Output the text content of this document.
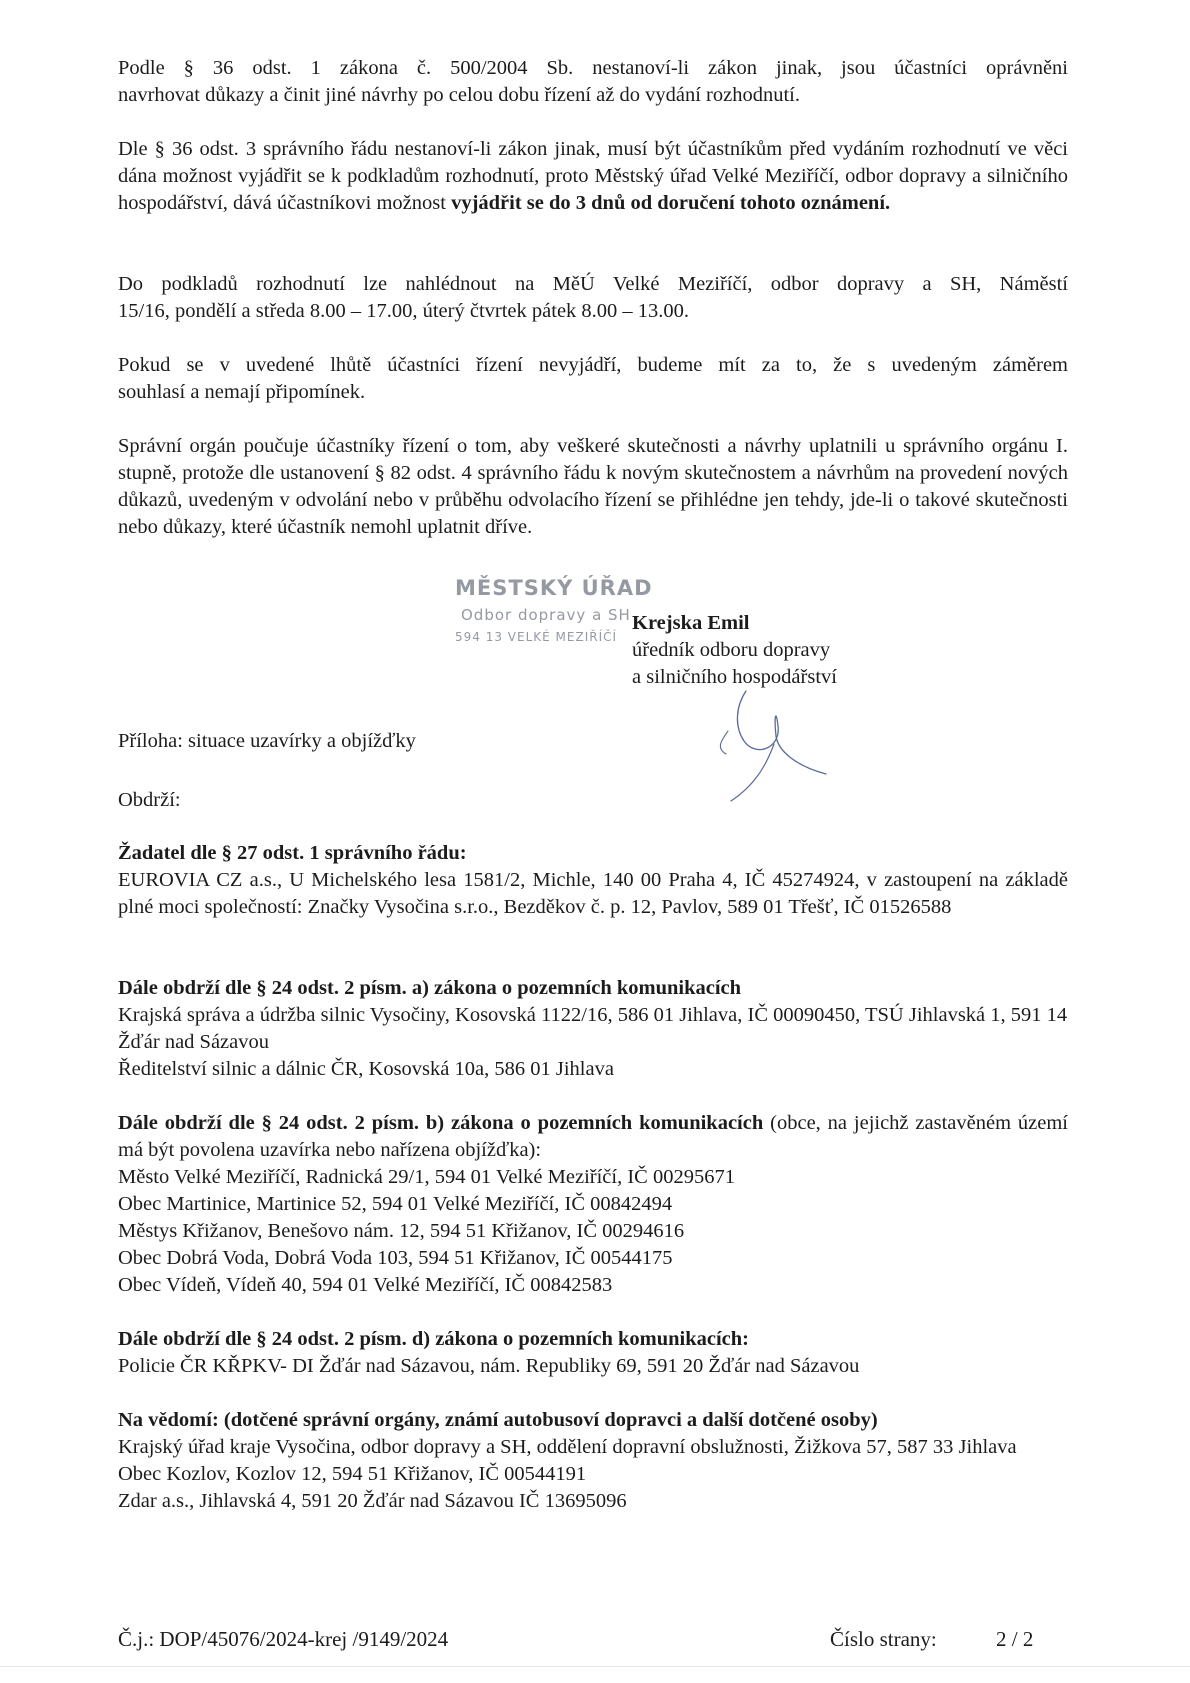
Podle § 36 odst. 1 zákona č. 500/2004 Sb. nestanoví-li zákon jinak, jsou účastníci oprávněni

navrhovat důkazy a činit jiné návrhy po celou dobu řízení až do vydání rozhodnutí.

Dle § 36 odst. 3 správního řádu nestanoví-li zákon jinak, musí být účastníkům před vydáním rozhodnutí ve věci dána možnost vyjádřit se k podkladům rozhodnutí, proto Městský úřad Velké Meziříčí, odbor dopravy a silničního hospodářství, dává účastníkovi možnost vyjádřit se do 3 dnů od doručení tohoto oznámení.

Do podkladů rozhodnutí lze nahlédnout na MěÚ Velké Meziříčí, odbor dopravy a SH, Náměstí

15/16, pondělí a středa 8.00 – 17.00, úterý čtvrtek pátek 8.00 – 13.00.

Pokud se v uvedené lhůtě účastníci řízení nevyjádří, budeme mít za to, že s uvedeným záměrem

souhlasí a nemají připomínek.

Správní orgán poučuje účastníky řízení o tom, aby veškeré skutečnosti a návrhy uplatnili u správního orgánu I. stupně, protože dle ustanovení § 82 odst. 4 správního řádu k novým skutečnostem a návrhům na provedení nových důkazů, uvedeným v odvolání nebo v průběhu odvolacího řízení se přihlédne jen tehdy, jde-li o takové skutečnosti nebo důkazy, které účastník nemohl uplatnit dříve.

MĚSTSKÝ ÚŘAD
Odbor dopravy a SH
594 13 VELKÉ MEZIŘÍČÍ
Krejska Emil
úředník odboru dopravy
a silničního hospodářství
Příloha: situace uzavírky a objížďky
Obdrží:

Žadatel dle § 27 odst. 1 správního řádu:

EUROVIA CZ a.s., U Michelského lesa 1581/2, Michle, 140 00 Praha 4, IČ 45274924, v zastoupení na základě plné moci společností: Značky Vysočina s.r.o., Bezděkov č. p. 12, Pavlov, 589 01 Třešť, IČ 01526588

Dále obdrží dle § 24 odst. 2 písm. a) zákona o pozemních komunikacích

Krajská správa a údržba silnic Vysočiny, Kosovská 1122/16, 586 01 Jihlava, IČ 00090450, TSÚ Jihlavská 1, 591 14 Žďár nad Sázavou

Ředitelství silnic a dálnic ČR, Kosovská 10a, 586 01 Jihlava

Dále obdrží dle § 24 odst. 2 písm. b) zákona o pozemních komunikacích (obce, na jejichž zastavěném území má být povolena uzavírka nebo nařízena objížďka):

Město Velké Meziříčí, Radnická 29/1, 594 01 Velké Meziříčí, IČ 00295671

Obec Martinice, Martinice 52, 594 01 Velké Meziříčí, IČ 00842494

Městys Křižanov, Benešovo nám. 12, 594 51 Křižanov, IČ 00294616

Obec Dobrá Voda, Dobrá Voda 103, 594 51 Křižanov, IČ 00544175

Obec Vídeň, Vídeň 40, 594 01 Velké Meziříčí, IČ 00842583

Dále obdrží dle § 24 odst. 2 písm. d) zákona o pozemních komunikacích:

Policie ČR KŘPKV- DI Žďár nad Sázavou, nám. Republiky 69, 591 20 Žďár nad Sázavou

Na vědomí: (dotčené správní orgány, známí autobusoví dopravci a další dotčené osoby)

Krajský úřad kraje Vysočina, odbor dopravy a SH, oddělení dopravní obslužnosti, Žižkova 57, 587 33 Jihlava

Obec Kozlov, Kozlov 12, 594 51 Křižanov, IČ 00544191

Zdar a.s., Jihlavská 4, 591 20 Žďár nad Sázavou IČ 13695096

Č.j.: DOP/45076/2024-krej /9149/2024	Číslo strany:	2 / 2
